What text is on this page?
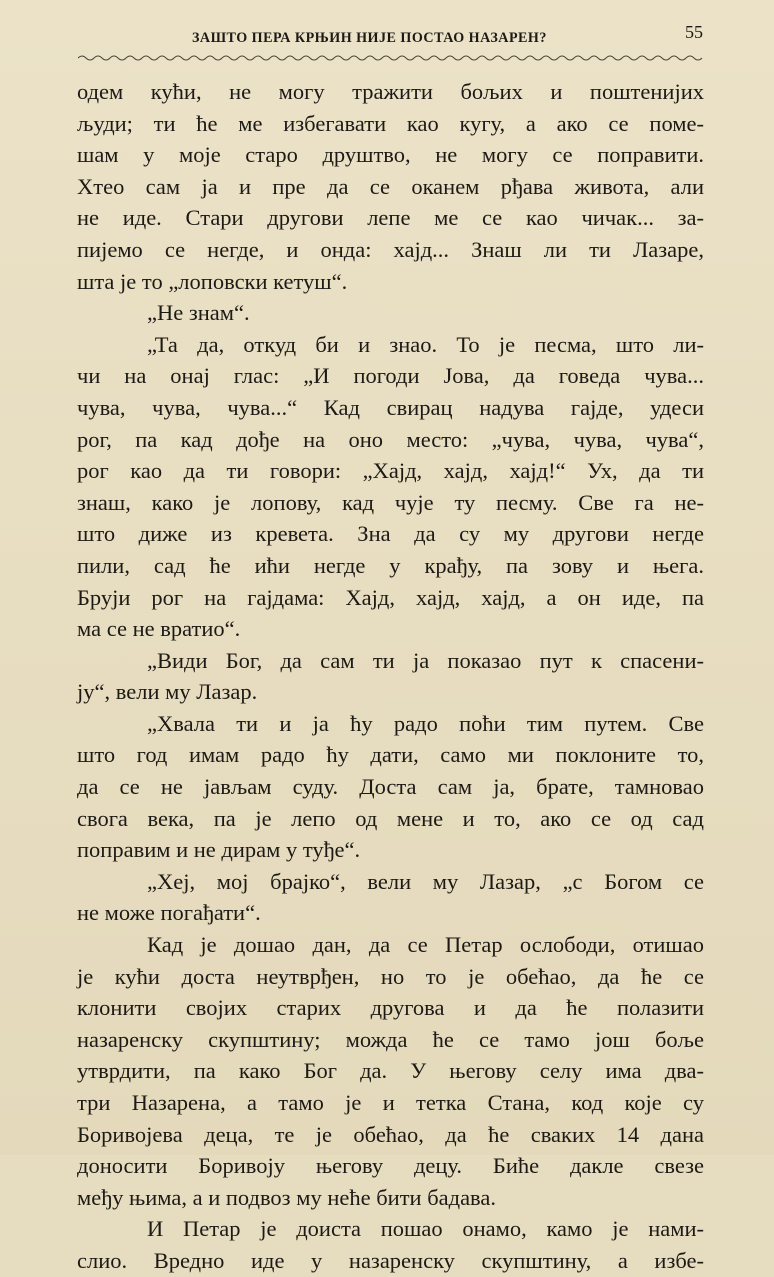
ЗАШТО ПЕРА КРЊИН НИЈЕ ПОСТАО НАЗАРЕН?	55
одем кући, не могу тражити бољих и поштенијих
људи; ти ће ме избегавати као кугу, а ако се поме-
шам у моје старо друштво, не могу се поправити.
Хтео сам ја и пре да се оканем рђава живота, али
не иде. Стари другови лепе ме се као чичак... за-
пијемо се негде, и онда: хајд... Знаш ли ти Лазаре,
шта је то „лоповски кетуш“.
„Не знам“.
„Та да, откуд би и знао. То је песма, што ли-
чи на онај глас: „И погоди Јова, да говеда чува...
чува, чува, чува...“ Кад свирац надува гајде, удеси
рог, па кад дође на оно место: „чува, чува, чува“,
рог као да ти говори: „Хајд, хајд, хајд!“ Ух, да ти
знаш, како је лопову, кад чује ту песму. Све га не-
што диже из кревета. Зна да су му другови негде
пили, сад ће ићи негде у крађу, па зову и њега.
Бруји рог на гајдама: Хајд, хајд, хајд, а он иде, па
ма се не вратио“.
„Види Бог, да сам ти ја показао пут к спасени-
ју“, вели му Лазар.
„Хвала ти и ја ћу радо поћи тим путем. Све
што год имам радо ћу дати, само ми поклоните то,
да се не јављам суду. Доста сам ја, брате, тамновао
свога века, па је лепо од мене и то, ако се од сад
поправим и не дирам у туђе“.
„Хеј, мој брајко“, вели му Лазар, „с Богом се
не може погађати“.
Кад је дошао дан, да се Петар ослободи, отишао
је кући доста неутврђен, но то је обећао, да ће се
клонити својих старих другова и да ће полазити
назаренску скупштину; можда ће се тамо још боље
утврдити, па како Бог да. У његову селу има два-
три Назарена, а тамо је и тетка Стана, код које су
Боривојева деца, те је обећао, да ће сваких 14 дана
доносити Боривоју његову децу. Биће дакле свезе
међу њима, а и подвоз му неће бити бадава.
И Петар је доиста пошао онамо, камо је нами-
слио. Вредно иде у назаренску скупштину, а избе-
